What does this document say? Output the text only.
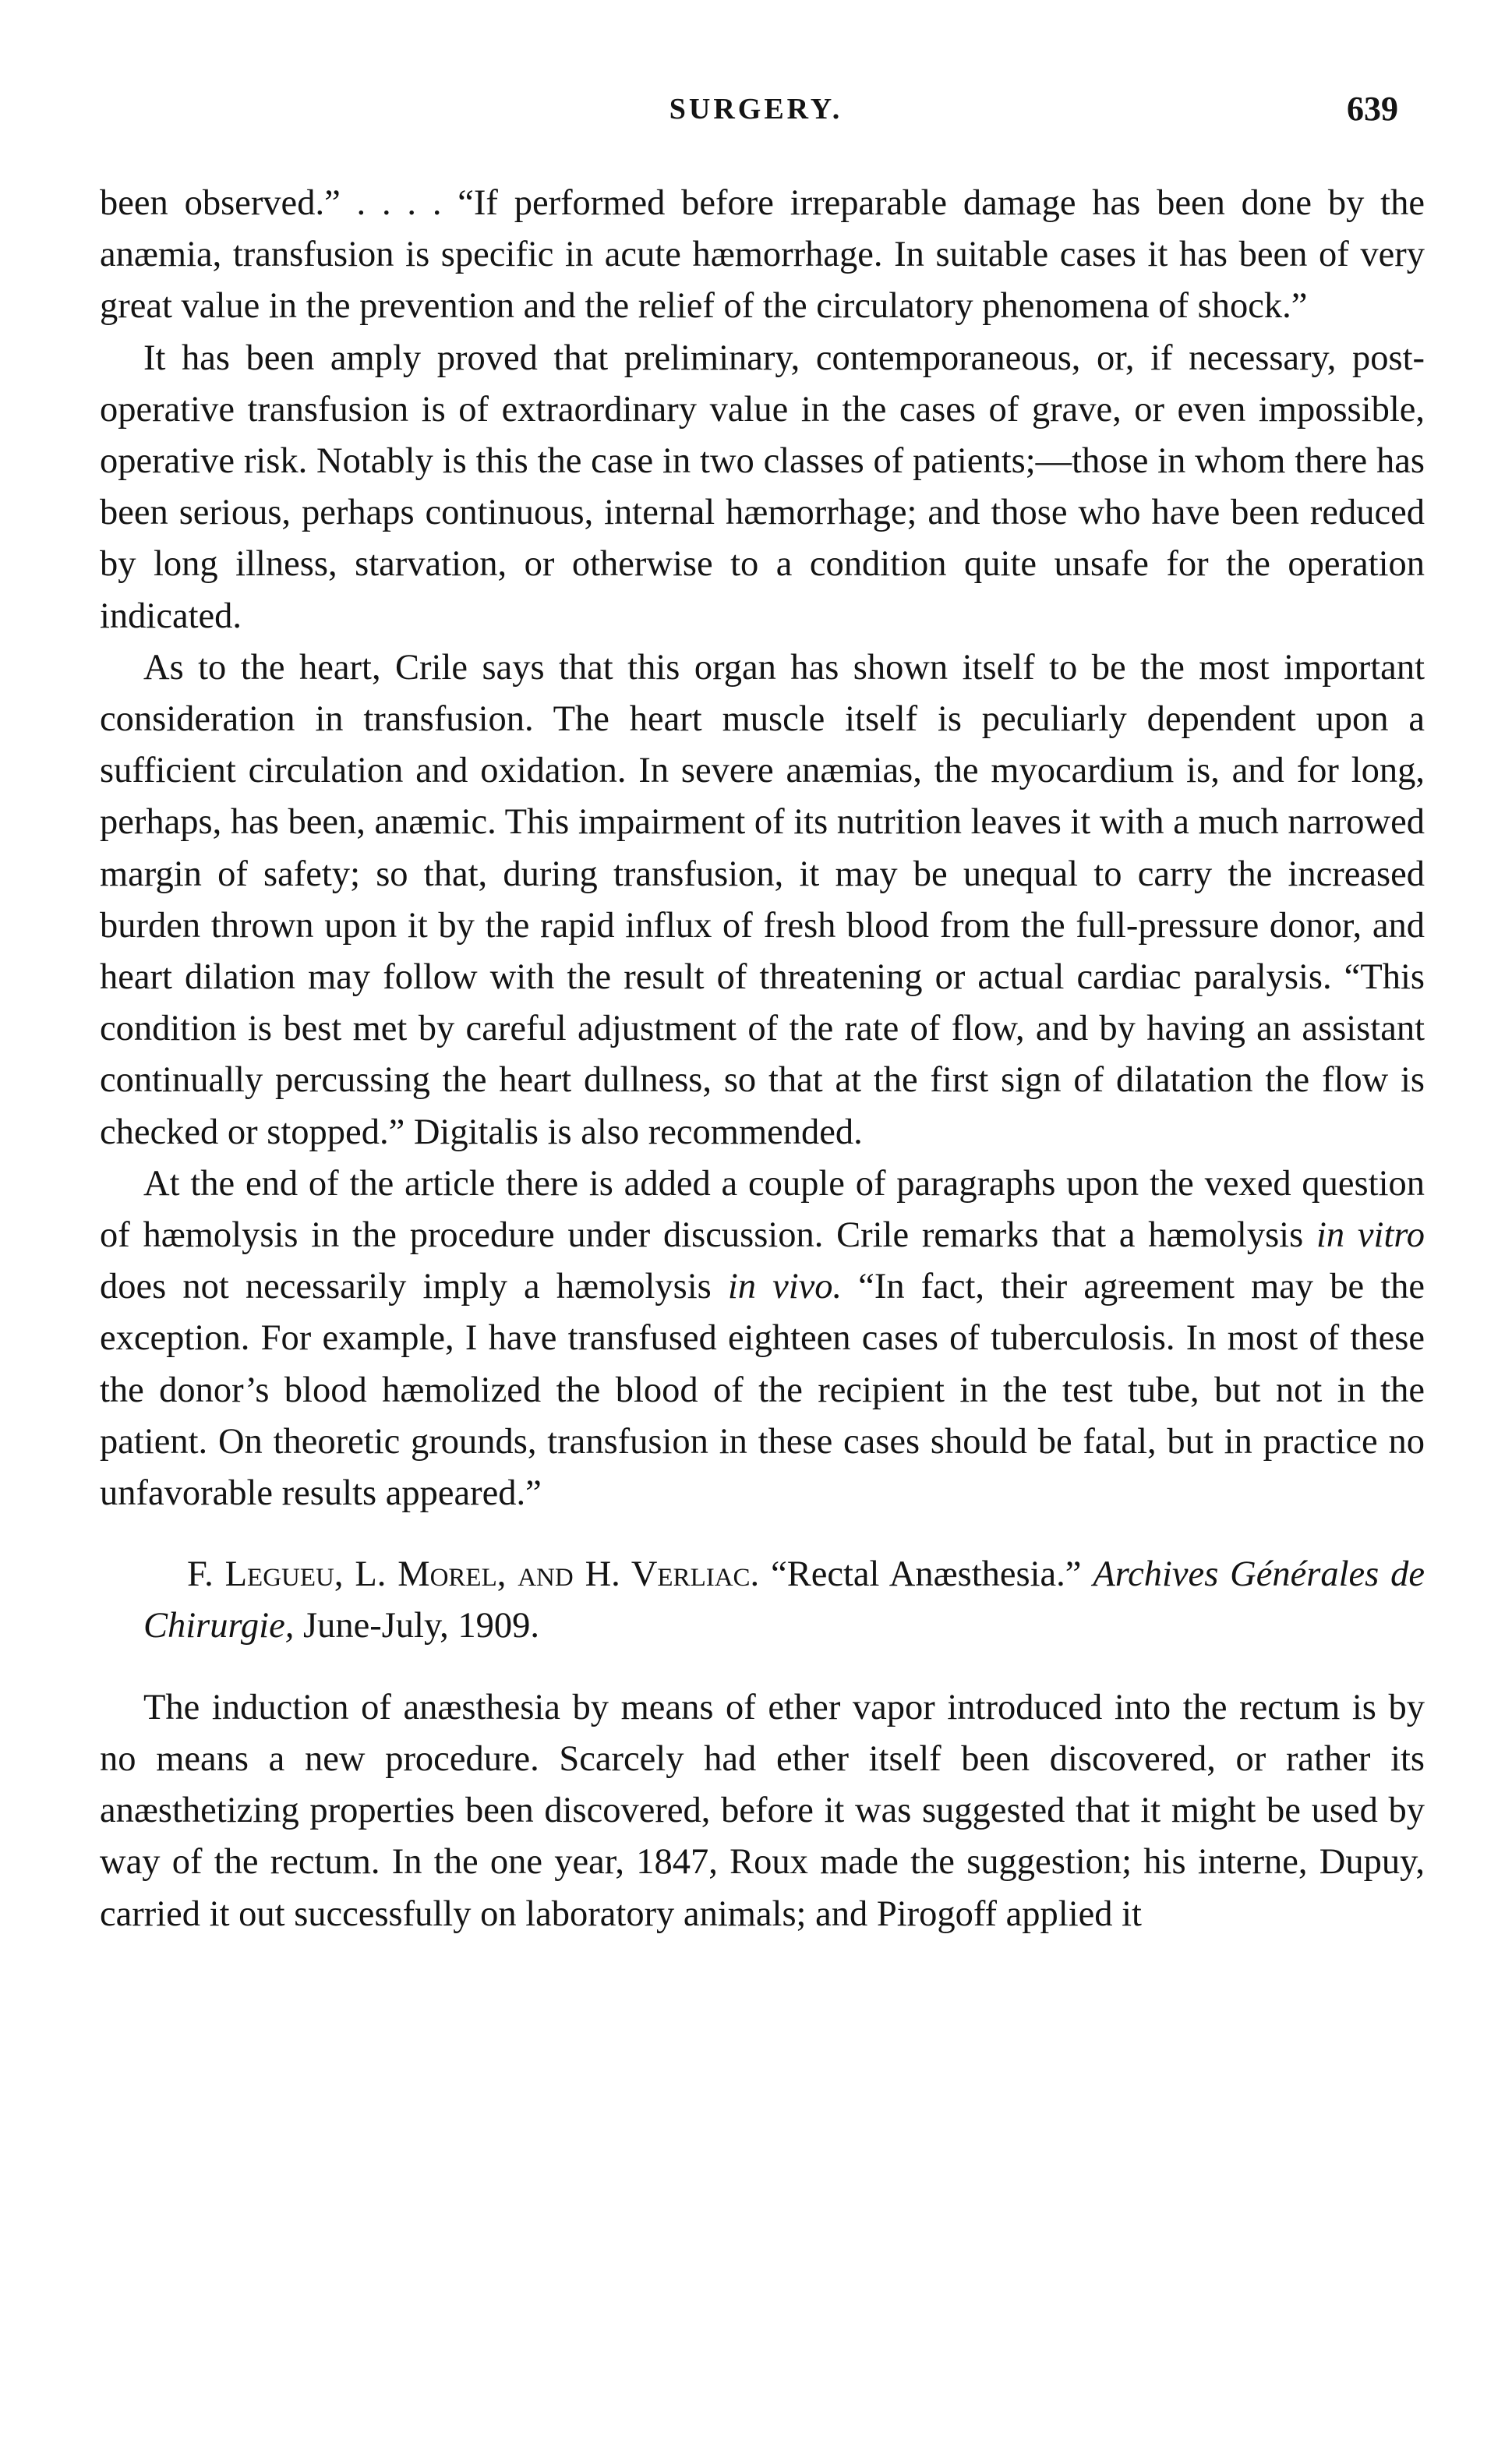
SURGERY.	639

been observed.” . . . . “If performed before irreparable damage has been done by the anæmia, transfusion is specific in acute hæmorrhage. In suitable cases it has been of very great value in the prevention and the relief of the circulatory phenomena of shock.”

It has been amply proved that preliminary, contemporaneous, or, if necessary, post-operative transfusion is of extraordinary value in the cases of grave, or even impossible, operative risk. Notably is this the case in two classes of patients;—those in whom there has been serious, perhaps continuous, internal hæmorrhage; and those who have been reduced by long illness, starvation, or otherwise to a condition quite unsafe for the operation indicated.

As to the heart, Crile says that this organ has shown itself to be the most important consideration in transfusion. The heart muscle itself is peculiarly dependent upon a sufficient circulation and oxidation. In severe anæmias, the myocardium is, and for long, perhaps, has been, anæmic. This impairment of its nutrition leaves it with a much narrowed margin of safety; so that, during transfusion, it may be unequal to carry the increased burden thrown upon it by the rapid influx of fresh blood from the full-pressure donor, and heart dilation may follow with the result of threatening or actual cardiac paralysis. “This condition is best met by careful adjustment of the rate of flow, and by having an assistant continually percussing the heart dullness, so that at the first sign of dilatation the flow is checked or stopped.” Digitalis is also recommended.

At the end of the article there is added a couple of paragraphs upon the vexed question of hæmolysis in the procedure under discussion. Crile remarks that a hæmolysis in vitro does not necessarily imply a hæmolysis in vivo. “In fact, their agreement may be the exception. For example, I have transfused eighteen cases of tuberculosis. In most of these the donor’s blood hæmolized the blood of the recipient in the test tube, but not in the patient. On theoretic grounds, transfusion in these cases should be fatal, but in practice no unfavorable results appeared.”

F. Legueu, L. Morel, and H. Verliac. “Rectal Anæsthesia.” Archives Générales de Chirurgie, June-July, 1909.

The induction of anæsthesia by means of ether vapor introduced into the rectum is by no means a new procedure. Scarcely had ether itself been discovered, or rather its anæsthetizing properties been discovered, before it was suggested that it might be used by way of the rectum. In the one year, 1847, Roux made the suggestion; his interne, Dupuy, carried it out successfully on laboratory animals; and Pirogoff applied it
